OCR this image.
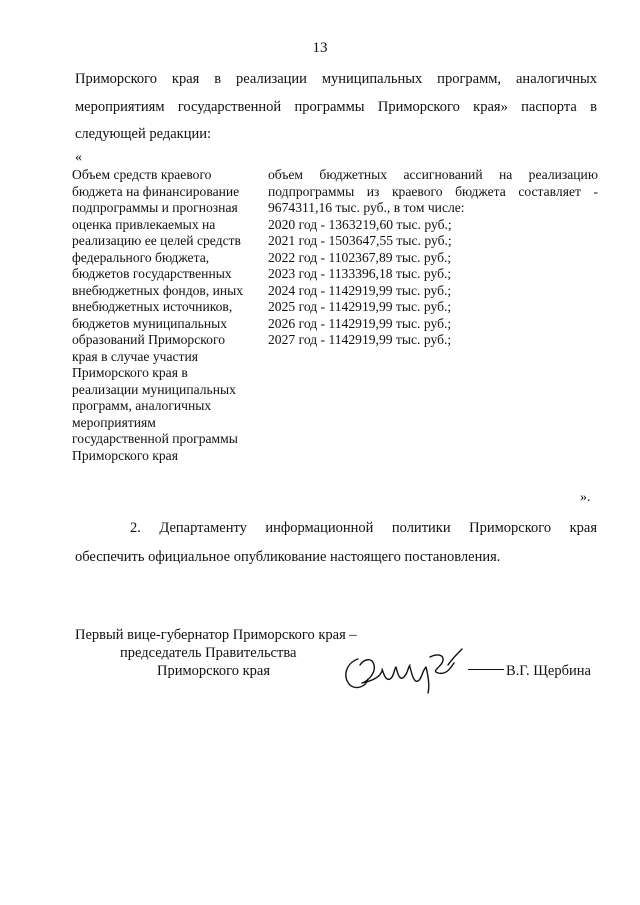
13
Приморского края в реализации муниципальных программ, аналогичных
мероприятиям государственной программы Приморского края» паспорта в
следующей редакции:
«
Объем средств краевого
бюджета на финансирование
подпрограммы и прогнозная
оценка привлекаемых на
реализацию ее целей средств
федерального бюджета,
бюджетов государственных
внебюджетных фондов, иных
внебюджетных источников,
бюджетов муниципальных
образований Приморского
края в случае участия
Приморского края в
реализации муниципальных
программ, аналогичных
мероприятиям
государственной программы
Приморского края
объем бюджетных ассигнований на реализацию
подпрограммы из краевого бюджета составляет -
9674311,16 тыс. руб., в том числе:
2020 год - 1363219,60 тыс. руб.;
2021 год - 1503647,55 тыс. руб.;
2022 год - 1102367,89 тыс. руб.;
2023 год - 1133396,18 тыс. руб.;
2024 год - 1142919,99 тыс. руб.;
2025 год - 1142919,99 тыс. руб.;
2026 год - 1142919,99 тыс. руб.;
2027 год - 1142919,99 тыс. руб.;
».
2. Департаменту информационной политики Приморского края
обеспечить официальное опубликование настоящего постановления.
Первый вице-губернатор Приморского края –
председатель Правительства
Приморского края	В.Г. Щербина
